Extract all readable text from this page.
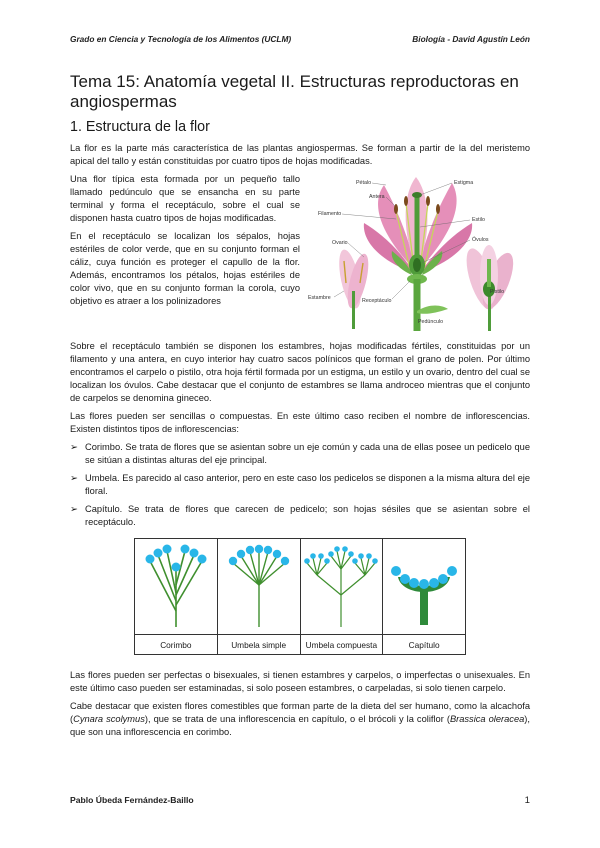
Grado en Ciencia y Tecnología de los Alimentos (UCLM)	Biología - David Agustín León
Tema 15: Anatomía vegetal II. Estructuras reproductoras en angiospermas
1. Estructura de la flor

La flor es la parte más característica de las plantas angiospermas. Se forman a partir de la del meristemo apical del tallo y están constituidas por cuatro tipos de hojas modificadas.

Una flor típica esta formada por un pequeño tallo llamado pedúnculo que se ensancha en su parte terminal y forma el receptáculo, sobre el cual se disponen hasta cuatro tipos de hojas modificadas.

En el receptáculo se localizan los sépalos, hojas estériles de color verde, que en su conjunto forman el cáliz, cuya función es proteger el capullo de la flor. Además, encontramos los pétalos, hojas estériles de color vivo, que en su conjunto forman la corola, cuyo objetivo es atraer a los polinizadores

Pétalo
Antera
Filamento
Ovario
Estambre	Receptáculo
Pedúnculo
Estigma
Estilo
Óvulos
Pistilo

Sobre el receptáculo también se disponen los estambres, hojas modificadas fértiles, constituidas por un filamento y una antera, en cuyo interior hay cuatro sacos polínicos que forman el grano de polen. Por último encontramos el carpelo o pistilo, otra hoja fértil formada por un estigma, un estilo y un ovario, dentro del cual se localizan los óvulos. Cabe destacar que el conjunto de estambres se llama androceo mientras que el conjunto de carpelos se denomina gineceo.

Las flores pueden ser sencillas o compuestas. En este último caso reciben el nombre de inflorescencias. Existen distintos tipos de inflorescencias:

➢ Corimbo. Se trata de flores que se asientan sobre un eje común y cada una de ellas posee un pedicelo que se sitúan a distintas alturas del eje principal.
➢ Umbela. Es parecido al caso anterior, pero en este caso los pedicelos se disponen a la misma altura del eje floral.
➢ Capítulo. Se trata de flores que carecen de pedicelo; son hojas sésiles que se asientan sobre el receptáculo.

Corimbo	Umbela simple	Umbela compuesta	Capítulo

Las flores pueden ser perfectas o bisexuales, si tienen estambres y carpelos, o imperfectas o unisexuales. En este último caso pueden ser estaminadas, si solo poseen estambres, o carpeladas, si solo tienen carpelo.

Cabe destacar que existen flores comestibles que forman parte de la dieta del ser humano, como la alcachofa (Cynara scolymus), que se trata de una inflorescencia en capítulo, o el brócoli y la coliflor (Brassica oleracea), que son una inflorescencia en corimbo.

Pablo Úbeda Fernández-Baillo	1
